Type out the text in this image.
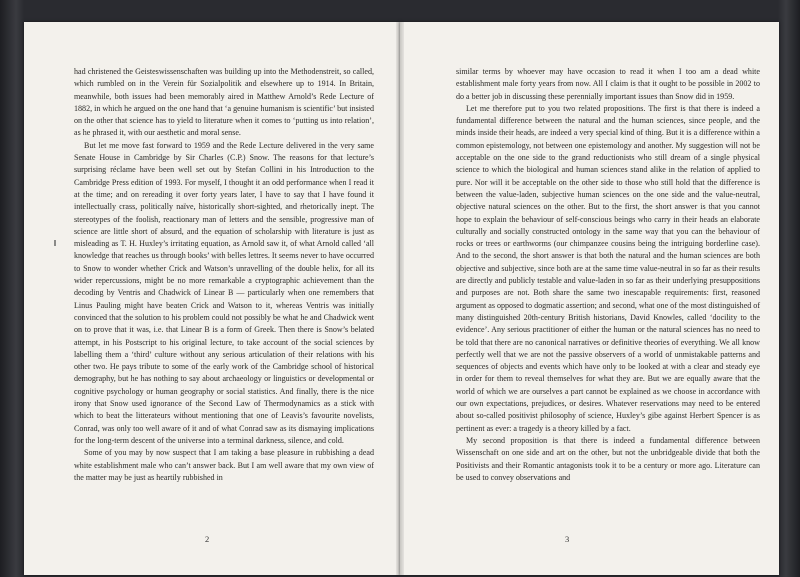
had christened the Geisteswissenschaften was building up into the Methodenstreit, so called, which rumbled on in the Verein für Sozialpolitik and elsewhere up to 1914. In Britain, meanwhile, both issues had been memorably aired in Matthew Arnold’s Rede Lecture of 1882, in which he argued on the one hand that ‘a genuine humanism is scientific’ but insisted on the other that science has to yield to literature when it comes to ‘putting us into relation’, as he phrased it, with our aesthetic and moral sense.

But let me move fast forward to 1959 and the Rede Lecture delivered in the very same Senate House in Cambridge by Sir Charles (C.P.) Snow. The reasons for that lecture’s surprising réclame have been well set out by Stefan Collini in his Introduction to the Cambridge Press edition of 1993. For myself, I thought it an odd performance when I read it at the time; and on rereading it over forty years later, I have to say that I have found it intellectually crass, politically naïve, historically short-sighted, and rhetorically inept. The stereotypes of the foolish, reactionary man of letters and the sensible, progressive man of science are little short of absurd, and the equation of scholarship with literature is just as misleading as T. H. Huxley’s irritating equation, as Arnold saw it, of what Arnold called ‘all knowledge that reaches us through books’ with belles lettres. It seems never to have occurred to Snow to wonder whether Crick and Watson’s unravelling of the double helix, for all its wider repercussions, might be no more remarkable a cryptographic achievement than the decoding by Ventris and Chadwick of Linear B — particularly when one remembers that Linus Pauling might have beaten Crick and Watson to it, whereas Ventris was initially convinced that the solution to his problem could not possibly be what he and Chadwick went on to prove that it was, i.e. that Linear B is a form of Greek. Then there is Snow’s belated attempt, in his Postscript to his original lecture, to take account of the social sciences by labelling them a ‘third’ culture without any serious articulation of their relations with his other two. He pays tribute to some of the early work of the Cambridge school of historical demography, but he has nothing to say about archaeology or linguistics or developmental or cognitive psychology or human geography or social statistics. And finally, there is the nice irony that Snow used ignorance of the Second Law of Thermodynamics as a stick with which to beat the litterateurs without mentioning that one of Leavis’s favourite novelists, Conrad, was only too well aware of it and of what Conrad saw as its dismaying implications for the long-term descent of the universe into a terminal darkness, silence, and cold.

Some of you may by now suspect that I am taking a base pleasure in rubbishing a dead white establishment male who can’t answer back. But I am well aware that my own view of the matter may be just as heartily rubbished in

2

similar terms by whoever may have occasion to read it when I too am a dead white establishment male forty years from now. All I claim is that it ought to be possible in 2002 to do a better job in discussing these perennially important issues than Snow did in 1959.

Let me therefore put to you two related propositions. The first is that there is indeed a fundamental difference between the natural and the human sciences, since people, and the minds inside their heads, are indeed a very special kind of thing. But it is a difference within a common epistemology, not between one epistemology and another. My suggestion will not be acceptable on the one side to the grand reductionists who still dream of a single physical science to which the biological and human sciences stand alike in the relation of applied to pure. Nor will it be acceptable on the other side to those who still hold that the difference is between the value-laden, subjective human sciences on the one side and the value-neutral, objective natural sciences on the other. But to the first, the short answer is that you cannot hope to explain the behaviour of self-conscious beings who carry in their heads an elaborate culturally and socially constructed ontology in the same way that you can the behaviour of rocks or trees or earthworms (our chimpanzee cousins being the intriguing borderline case). And to the second, the short answer is that both the natural and the human sciences are both objective and subjective, since both are at the same time value-neutral in so far as their results are directly and publicly testable and value-laden in so far as their underlying presuppositions and purposes are not. Both share the same two inescapable requirements: first, reasoned argument as opposed to dogmatic assertion; and second, what one of the most distinguished of many distinguished 20th-century British historians, David Knowles, called ‘docility to the evidence’. Any serious practitioner of either the human or the natural sciences has no need to be told that there are no canonical narratives or definitive theories of everything. We all know perfectly well that we are not the passive observers of a world of unmistakable patterns and sequences of objects and events which have only to be looked at with a clear and steady eye in order for them to reveal themselves for what they are. But we are equally aware that the world of which we are ourselves a part cannot be explained as we choose in accordance with our own expectations, prejudices, or desires. Whatever reservations may need to be entered about so-called positivist philosophy of science, Huxley’s gibe against Herbert Spencer is as pertinent as ever: a tragedy is a theory killed by a fact.

My second proposition is that there is indeed a fundamental difference between Wissenschaft on one side and art on the other, but not the unbridgeable divide that both the Positivists and their Romantic antagonists took it to be a century or more ago. Literature can be used to convey observations and

3
